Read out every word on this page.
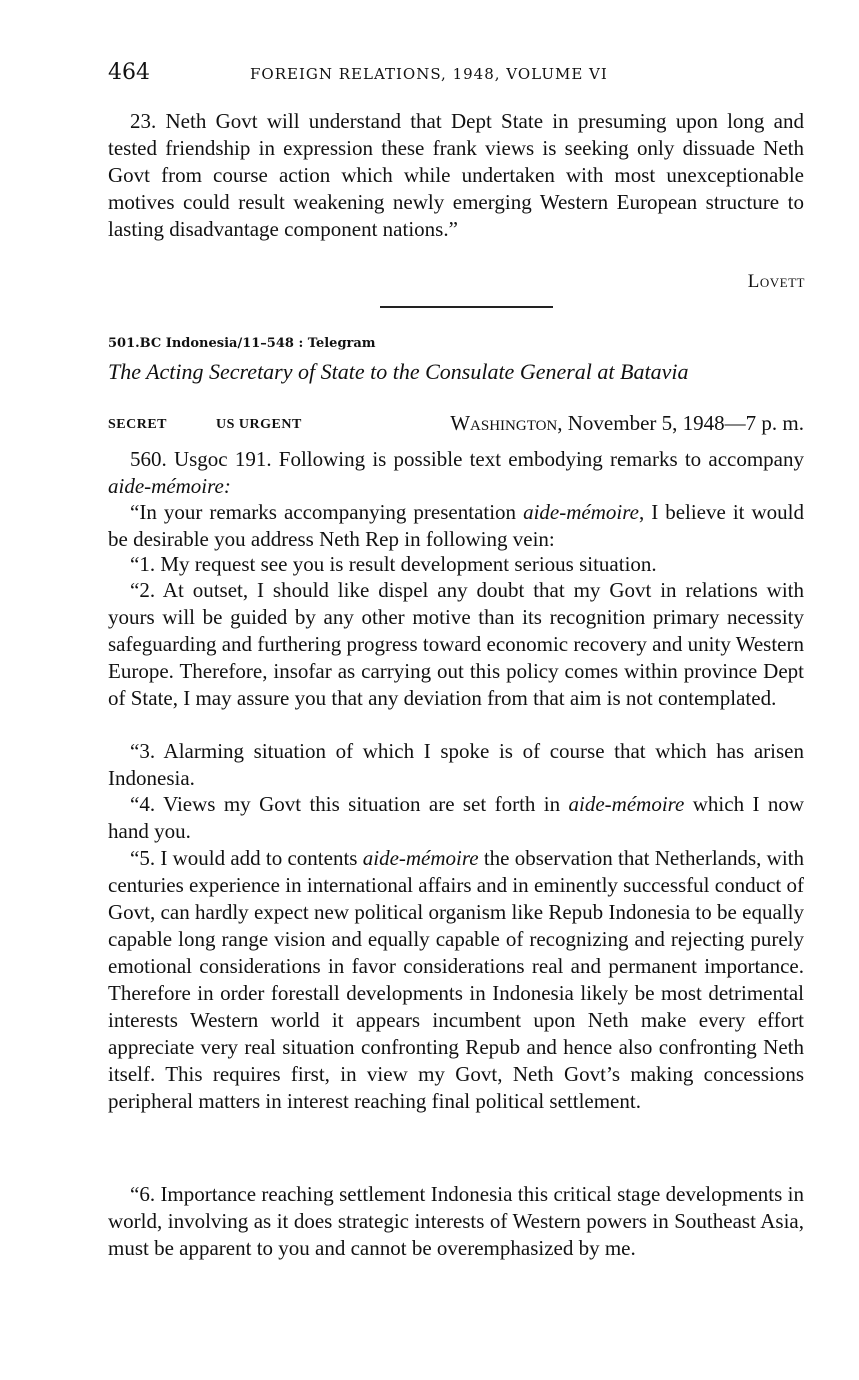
464	FOREIGN RELATIONS, 1948, VOLUME VI

23. Neth Govt will understand that Dept State in presuming upon long and tested friendship in expression these frank views is seeking only dissuade Neth Govt from course action which while undertaken with most unexceptionable motives could result weakening newly emerging Western European structure to lasting disadvantage component nations.”

Lovett
501.BC Indonesia/11–548 : Telegram
The Acting Secretary of State to the Consulate General at Batavia
SECRET	US URGENT	Washington, November 5, 1948—7 p. m.

560. Usgoc 191. Following is possible text embodying remarks to accompany aide-mémoire:

“In your remarks accompanying presentation aide-mémoire, I believe it would be desirable you address Neth Rep in following vein:

“1. My request see you is result development serious situation.

“2. At outset, I should like dispel any doubt that my Govt in relations with yours will be guided by any other motive than its recognition primary necessity safeguarding and furthering progress toward economic recovery and unity Western Europe. Therefore, insofar as carrying out this policy comes within province Dept of State, I may assure you that any deviation from that aim is not contemplated.

“3. Alarming situation of which I spoke is of course that which has arisen Indonesia.

“4. Views my Govt this situation are set forth in aide-mémoire which I now hand you.

“5. I would add to contents aide-mémoire the observation that Netherlands, with centuries experience in international affairs and in eminently successful conduct of Govt, can hardly expect new political organism like Repub Indonesia to be equally capable long range vision and equally capable of recognizing and rejecting purely emotional considerations in favor considerations real and permanent importance. Therefore in order forestall developments in Indonesia likely be most detrimental interests Western world it appears incumbent upon Neth make every effort appreciate very real situation confronting Repub and hence also confronting Neth itself. This requires first, in view my Govt, Neth Govt’s making concessions peripheral matters in interest reaching final political settlement.

“6. Importance reaching settlement Indonesia this critical stage developments in world, involving as it does strategic interests of Western powers in Southeast Asia, must be apparent to you and cannot be overemphasized by me.
